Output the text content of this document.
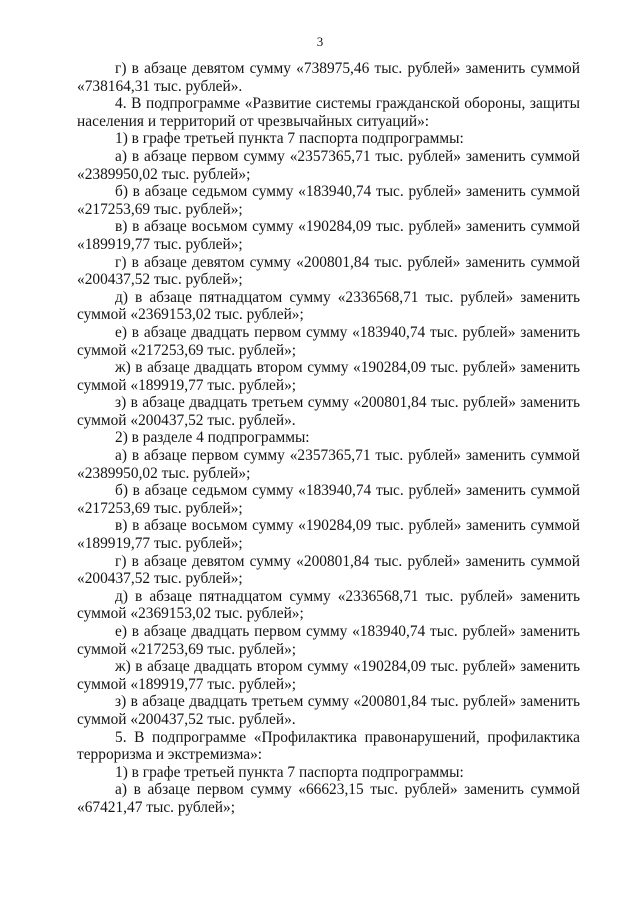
3

г) в абзаце девятом сумму «738975,46 тыс. рублей» заменить суммой

«738164,31 тыс. рублей».

4. В подпрограмме «Развитие системы гражданской обороны, защиты

населения и территорий от чрезвычайных ситуаций»:

1) в графе третьей пункта 7 паспорта подпрограммы:

а) в абзаце первом сумму «2357365,71 тыс. рублей» заменить суммой

«2389950,02 тыс. рублей»;

б) в абзаце седьмом сумму «183940,74 тыс. рублей» заменить суммой

«217253,69 тыс. рублей»;

в) в абзаце восьмом сумму «190284,09 тыс. рублей» заменить суммой

«189919,77 тыс. рублей»;

г) в абзаце девятом сумму «200801,84 тыс. рублей» заменить суммой

«200437,52 тыс. рублей»;

д) в абзаце пятнадцатом сумму «2336568,71 тыс. рублей» заменить

суммой «2369153,02 тыс. рублей»;

е) в абзаце двадцать первом сумму «183940,74 тыс. рублей» заменить

суммой «217253,69 тыс. рублей»;

ж) в абзаце двадцать втором сумму «190284,09 тыс. рублей» заменить

суммой «189919,77 тыс. рублей»;

з) в абзаце двадцать третьем сумму «200801,84 тыс. рублей» заменить

суммой «200437,52 тыс. рублей».

2) в разделе 4 подпрограммы:

а) в абзаце первом сумму «2357365,71 тыс. рублей» заменить суммой

«2389950,02 тыс. рублей»;

б) в абзаце седьмом сумму «183940,74 тыс. рублей» заменить суммой

«217253,69 тыс. рублей»;

в) в абзаце восьмом сумму «190284,09 тыс. рублей» заменить суммой

«189919,77 тыс. рублей»;

г) в абзаце девятом сумму «200801,84 тыс. рублей» заменить суммой

«200437,52 тыс. рублей»;

д) в абзаце пятнадцатом сумму «2336568,71 тыс. рублей» заменить

суммой «2369153,02 тыс. рублей»;

е) в абзаце двадцать первом сумму «183940,74 тыс. рублей» заменить

суммой «217253,69 тыс. рублей»;

ж) в абзаце двадцать втором сумму «190284,09 тыс. рублей» заменить

суммой «189919,77 тыс. рублей»;

з) в абзаце двадцать третьем сумму «200801,84 тыс. рублей» заменить

суммой «200437,52 тыс. рублей».

5. В подпрограмме «Профилактика правонарушений, профилактика

терроризма и экстремизма»:

1) в графе третьей пункта 7 паспорта подпрограммы:

а) в абзаце первом сумму «66623,15 тыс. рублей» заменить суммой

«67421,47 тыс. рублей»;
